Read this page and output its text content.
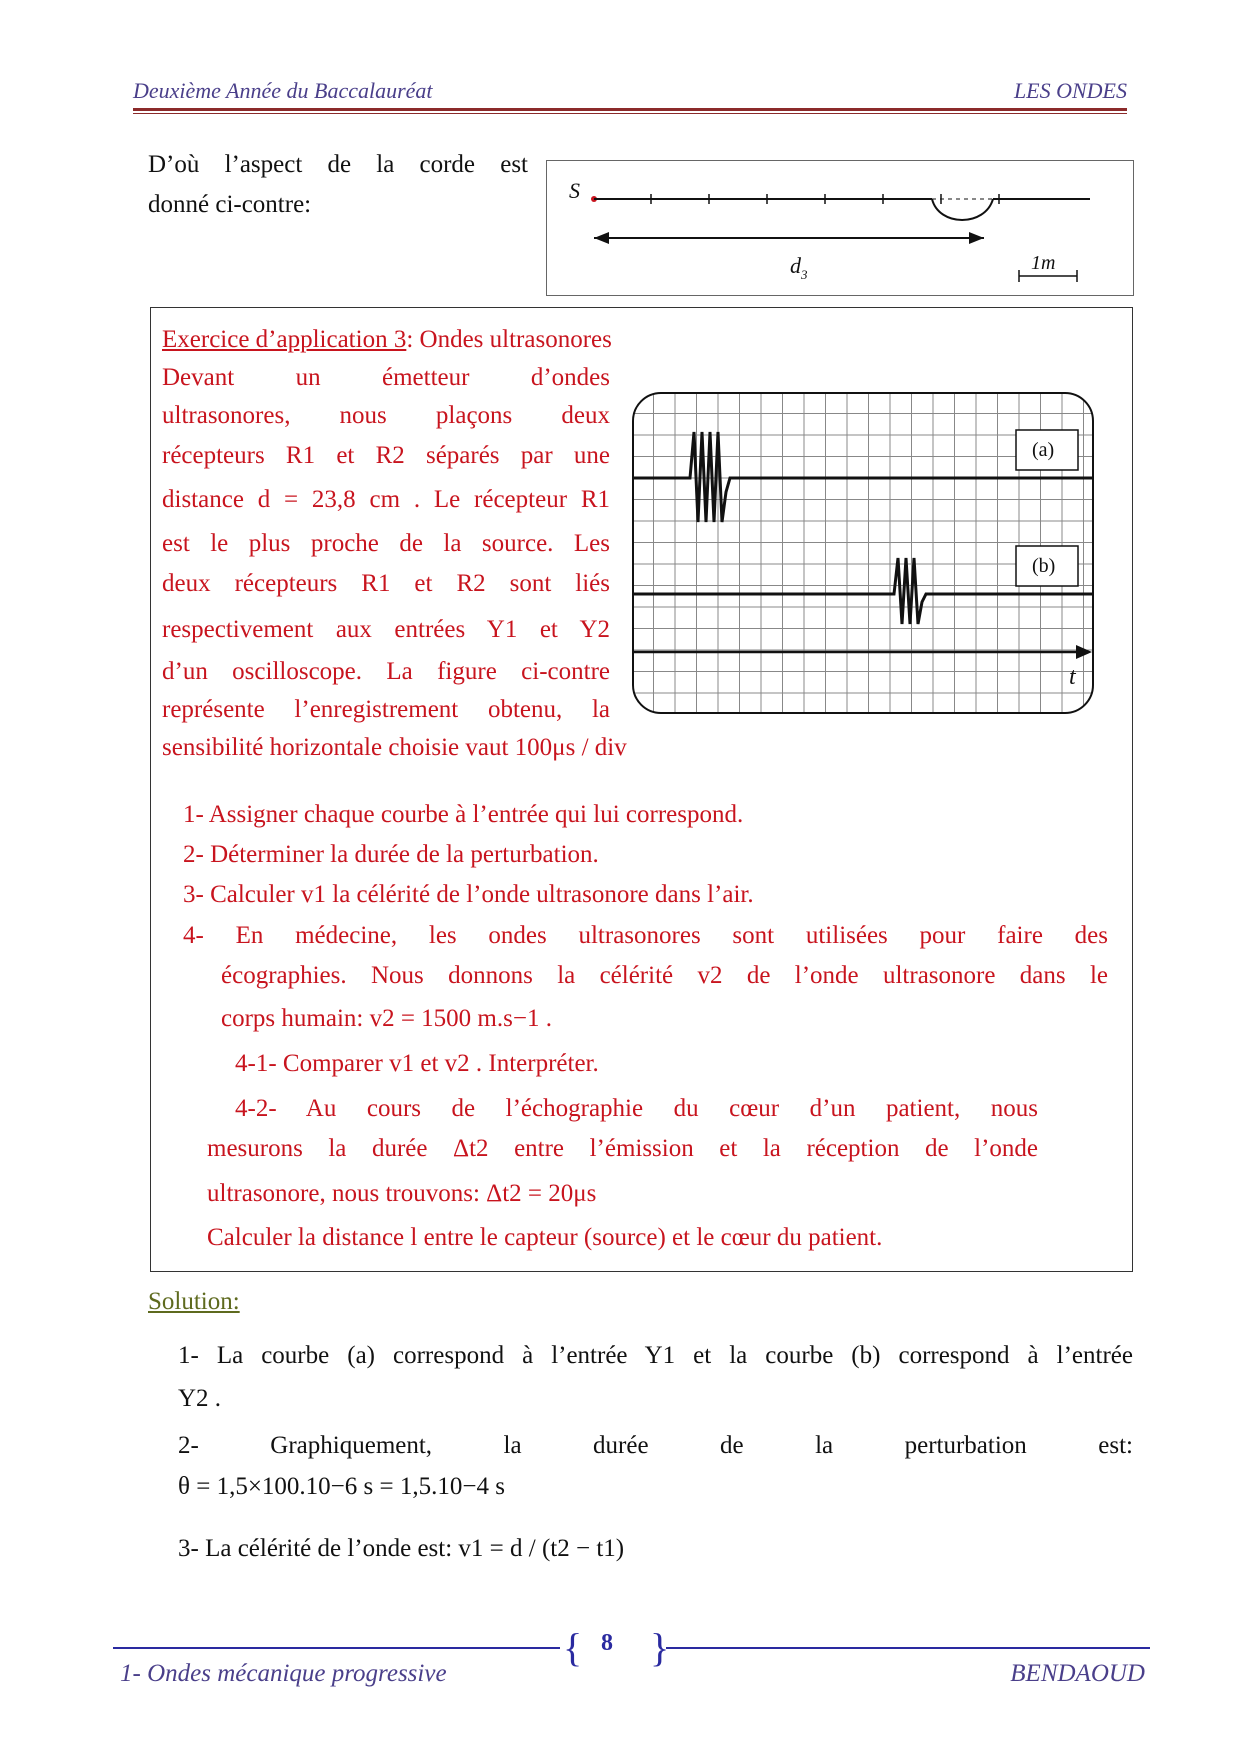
Deuxième Année du Baccalauréat	LES ONDES
D’où l’aspect de la corde est
donné ci-contre:
S
$d_3$
1m
Exercice d’application 3: Ondes ultrasonores
Devant un émetteur d’ondes
ultrasonores, nous plaçons deux
récepteurs R1 et R2 séparés par une
distance d = 23,8 cm . Le récepteur R1
est le plus proche de la source. Les
deux récepteurs R1 et R2 sont liés
respectivement aux entrées Y1 et Y2
d’un oscilloscope. La figure ci-contre
représente l’enregistrement obtenu, la
sensibilité horizontale choisie vaut 100μs / div
t
(a)
(b)
1- Assigner chaque courbe à l’entrée qui lui correspond.
2- Déterminer la durée de la perturbation.
3- Calculer v1 la célérité de l’onde ultrasonore dans l’air.
4- En médecine, les ondes ultrasonores sont utilisées pour faire des
écographies. Nous donnons la célérité v2 de l’onde ultrasonore dans le
corps humain: v2 = 1500 m.s−1 .
4-1- Comparer v1 et v2 . Interpréter.
4-2- Au cours de l’échographie du cœur d’un patient, nous
mesurons la durée Δt2 entre l’émission et la réception de l’onde
ultrasonore, nous trouvons: Δt2 = 20μs
Calculer la distance l entre le capteur (source) et le cœur du patient.
Solution:
1- La courbe (a) correspond à l’entrée Y1 et la courbe (b) correspond à l’entrée
Y2 .
2- Graphiquement, la durée de la perturbation est:
θ = 1,5×100.10−6 s = 1,5.10−4 s
3- La célérité de l’onde est: v1 = d / (t2 − t1)
{ 8 }
1- Ondes mécanique progressive	BENDAOUD
